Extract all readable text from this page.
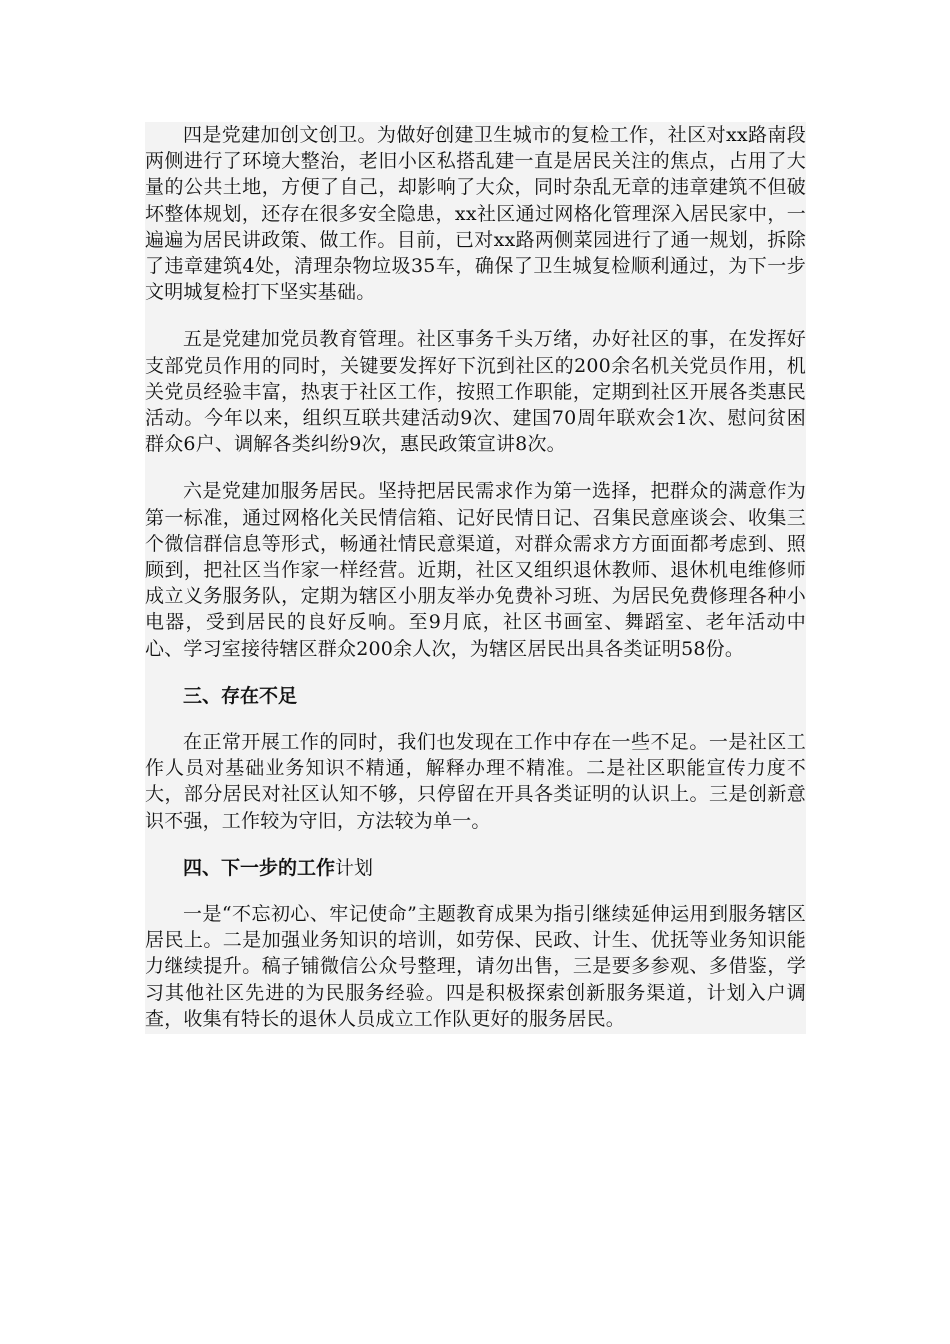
四是党建加创文创卫。为做好创建卫生城市的复检工作，社区对xx路南段两侧进行了环境大整治，老旧小区私搭乱建一直是居民关注的焦点，占用了大量的公共土地，方便了自己，却影响了大众，同时杂乱无章的违章建筑不但破坏整体规划，还存在很多安全隐患，xx社区通过网格化管理深入居民家中，一遍遍为居民讲政策、做工作。目前，已对xx路两侧菜园进行了通一规划，拆除了违章建筑4处，清理杂物垃圾35车，确保了卫生城复检顺利通过，为下一步文明城复检打下坚实基础。

五是党建加党员教育管理。社区事务千头万绪，办好社区的事，在发挥好支部党员作用的同时，关键要发挥好下沉到社区的200余名机关党员作用，机关党员经验丰富，热衷于社区工作，按照工作职能，定期到社区开展各类惠民活动。今年以来，组织互联共建活动9次、建国70周年联欢会1次、慰问贫困群众6户、调解各类纠纷9次，惠民政策宣讲8次。

六是党建加服务居民。坚持把居民需求作为第一选择，把群众的满意作为第一标准，通过网格化关民情信箱、记好民情日记、召集民意座谈会、收集三个微信群信息等形式，畅通社情民意渠道，对群众需求方方面面都考虑到、照顾到，把社区当作家一样经营。近期，社区又组织退休教师、退休机电维修师成立义务服务队，定期为辖区小朋友举办免费补习班、为居民免费修理各种小电器，受到居民的良好反响。至9月底，社区书画室、舞蹈室、老年活动中心、学习室接待辖区群众200余人次，为辖区居民出具各类证明58份。

三、存在不足

在正常开展工作的同时，我们也发现在工作中存在一些不足。一是社区工作人员对基础业务知识不精通，解释办理不精准。二是社区职能宣传力度不大，部分居民对社区认知不够，只停留在开具各类证明的认识上。三是创新意识不强，工作较为守旧，方法较为单一。

四、下一步的工作计划

一是“不忘初心、牢记使命”主题教育成果为指引继续延伸运用到服务辖区居民上。二是加强业务知识的培训，如劳保、民政、计生、优抚等业务知识能力继续提升。稿子铺微信公众号整理，请勿出售，三是要多参观、多借鉴，学习其他社区先进的为民服务经验。四是积极探索创新服务渠道，计划入户调查，收集有特长的退休人员成立工作队更好的服务居民。
